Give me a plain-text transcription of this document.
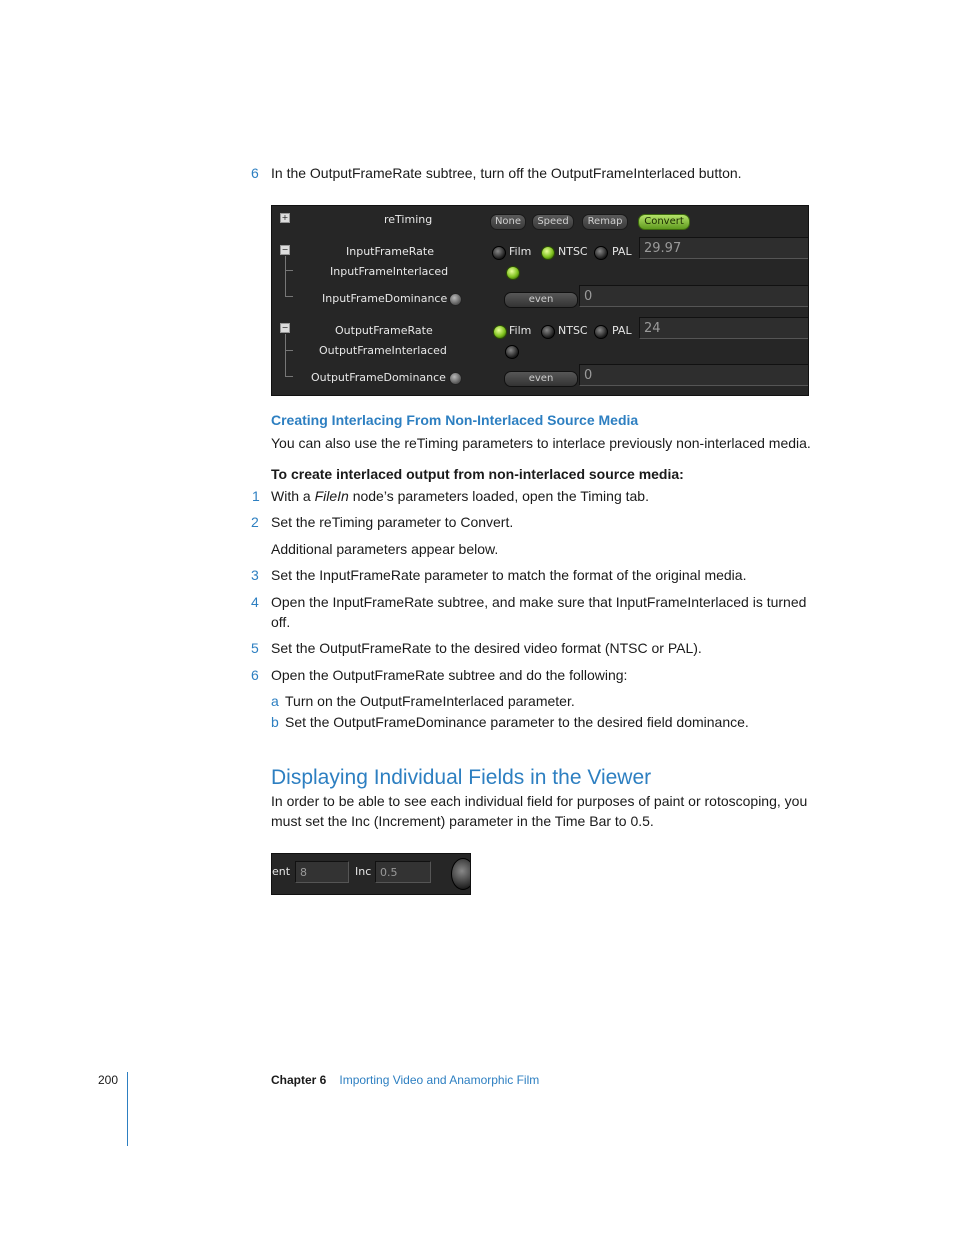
6 In the OutputFrameRate subtree, turn off the OutputFrameInterlaced button.
+	reTiming	None	Speed	Remap	Convert
−	InputFrameRate	Film NTSC PAL 29.97
InputFrameInterlaced
InputFrameDominance	even	0
−	OutputFrameRate	Film NTSC PAL 24
OutputFrameInterlaced
OutputFrameDominance	even	0
Creating Interlacing From Non-Interlaced Source Media
You can also use the reTiming parameters to interlace previously non-interlaced media.
To create interlaced output from non-interlaced source media:
1 With a FileIn node’s parameters loaded, open the Timing tab.
2 Set the reTiming parameter to Convert.
Additional parameters appear below.
3 Set the InputFrameRate parameter to match the format of the original media.
4 Open the InputFrameRate subtree, and make sure that InputFrameInterlaced is turned
off.
5 Set the OutputFrameRate to the desired video format (NTSC or PAL).
6 Open the OutputFrameRate subtree and do the following:
a Turn on the OutputFrameInterlaced parameter.
b Set the OutputFrameDominance parameter to the desired field dominance.
Displaying Individual Fields in the Viewer
In order to be able to see each individual field for purposes of paint or rotoscoping, you
must set the Inc (Increment) parameter in the Time Bar to 0.5.
ent 8	Inc 0.5
200	Chapter 6 Importing Video and Anamorphic Film
